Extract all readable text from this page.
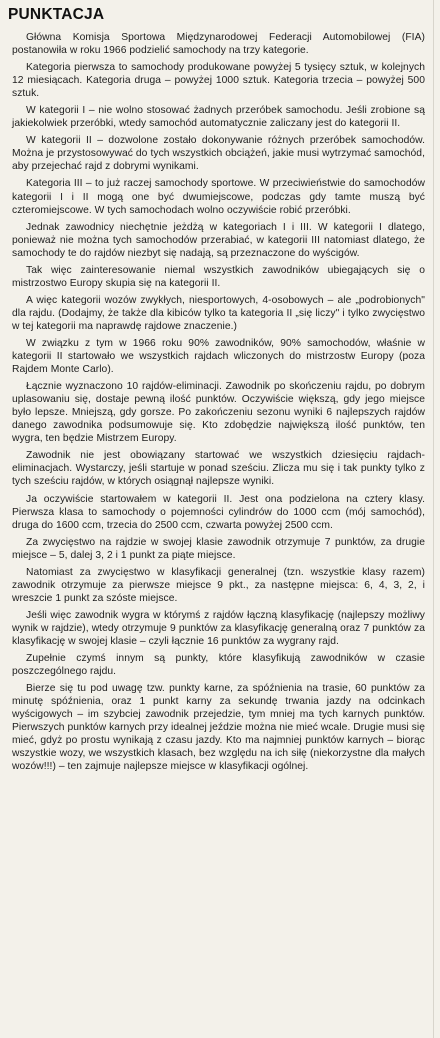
PUNKTACJA

Główna Komisja Sportowa Międzynarodowej Federacji Automobilowej (FIA) postanowiła w roku 1966 podzielić samochody na trzy kategorie.

Kategoria pierwsza to samochody produkowane powyżej 5 tysięcy sztuk, w kolejnych 12 miesiącach. Kategoria druga – powyżej 1000 sztuk. Kategoria trzecia – powyżej 500 sztuk.

W kategorii I – nie wolno stosować żadnych przeróbek samochodu. Jeśli zrobione są jakiekolwiek przeróbki, wtedy samochód automatycznie zaliczany jest do kategorii II.

W kategorii II – dozwolone zostało dokonywanie różnych przeróbek samochodów. Można je przystosowywać do tych wszystkich obciążeń, jakie musi wytrzymać samochód, aby przejechać rajd z dobrymi wynikami.

Kategoria III – to już raczej samochody sportowe. W przeciwieństwie do samochodów kategorii I i II mogą one być dwumiejscowe, podczas gdy tamte muszą być czteromiejscowe. W tych samochodach wolno oczywiście robić przeróbki.

Jednak zawodnicy niechętnie jeżdżą w kategoriach I i III. W kategorii I dlatego, ponieważ nie można tych samochodów przerabiać, w kategorii III natomiast dlatego, że samochody te do rajdów niezbyt się nadają, są przeznaczone do wyścigów.

Tak więc zainteresowanie niemal wszystkich zawodników ubiegających się o mistrzostwo Europy skupia się na kategorii II.

A więc kategorii wozów zwykłych, niesportowych, 4-osobowych – ale „podrobionych" dla rajdu. (Dodajmy, że także dla kibiców tylko ta kategoria II „się liczy" i tylko zwycięstwo w tej kategorii ma naprawdę rajdowe znaczenie.)

W związku z tym w 1966 roku 90% zawodników, 90% samochodów, właśnie w kategorii II startowało we wszystkich rajdach wliczonych do mistrzostw Europy (poza Rajdem Monte Carlo).

Łącznie wyznaczono 10 rajdów-eliminacji. Zawodnik po skończeniu rajdu, po dobrym uplasowaniu się, dostaje pewną ilość punktów. Oczywiście większą, gdy jego miejsce było lepsze. Mniejszą, gdy gorsze. Po zakończeniu sezonu wyniki 6 najlepszych rajdów danego zawodnika podsumowuje się. Kto zdobędzie największą ilość punktów, ten wygra, ten będzie Mistrzem Europy.

Zawodnik nie jest obowiązany startować we wszystkich dziesięciu rajdach-eliminacjach. Wystarczy, jeśli startuje w ponad sześciu. Zlicza mu się i tak punkty tylko z tych sześciu rajdów, w których osiągnął najlepsze wyniki.

Ja oczywiście startowałem w kategorii II. Jest ona podzielona na cztery klasy. Pierwsza klasa to samochody o pojemności cylindrów do 1000 ccm (mój samochód), druga do 1600 ccm, trzecia do 2500 ccm, czwarta powyżej 2500 ccm.

Za zwycięstwo na rajdzie w swojej klasie zawodnik otrzymuje 7 punktów, za drugie miejsce – 5, dalej 3, 2 i 1 punkt za piąte miejsce.

Natomiast za zwycięstwo w klasyfikacji generalnej (tzn. wszystkie klasy razem) zawodnik otrzymuje za pierwsze miejsce 9 pkt., za następne miejsca: 6, 4, 3, 2, i wreszcie 1 punkt za szóste miejsce.

Jeśli więc zawodnik wygra w którymś z rajdów łączną klasyfikację (najlepszy możliwy wynik w rajdzie), wtedy otrzymuje 9 punktów za klasyfikację generalną oraz 7 punktów za klasyfikację w swojej klasie – czyli łącznie 16 punktów za wygrany rajd.

Zupełnie czymś innym są punkty, które klasyfikują zawodników w czasie poszczególnego rajdu.

Bierze się tu pod uwagę tzw. punkty karne, za spóźnienia na trasie, 60 punktów za minutę spóźnienia, oraz 1 punkt karny za sekundę trwania jazdy na odcinkach wyścigowych – im szybciej zawodnik przejedzie, tym mniej ma tych karnych punktów. Pierwszych punktów karnych przy idealnej jeździe można nie mieć wcale. Drugie musi się mieć, gdyż po prostu wynikają z czasu jazdy. Kto ma najmniej punktów karnych – biorąc wszystkie wozy, we wszystkich klasach, bez względu na ich siłę (niekorzystne dla małych wozów!!!) – ten zajmuje najlepsze miejsce w klasyfikacji ogólnej.
